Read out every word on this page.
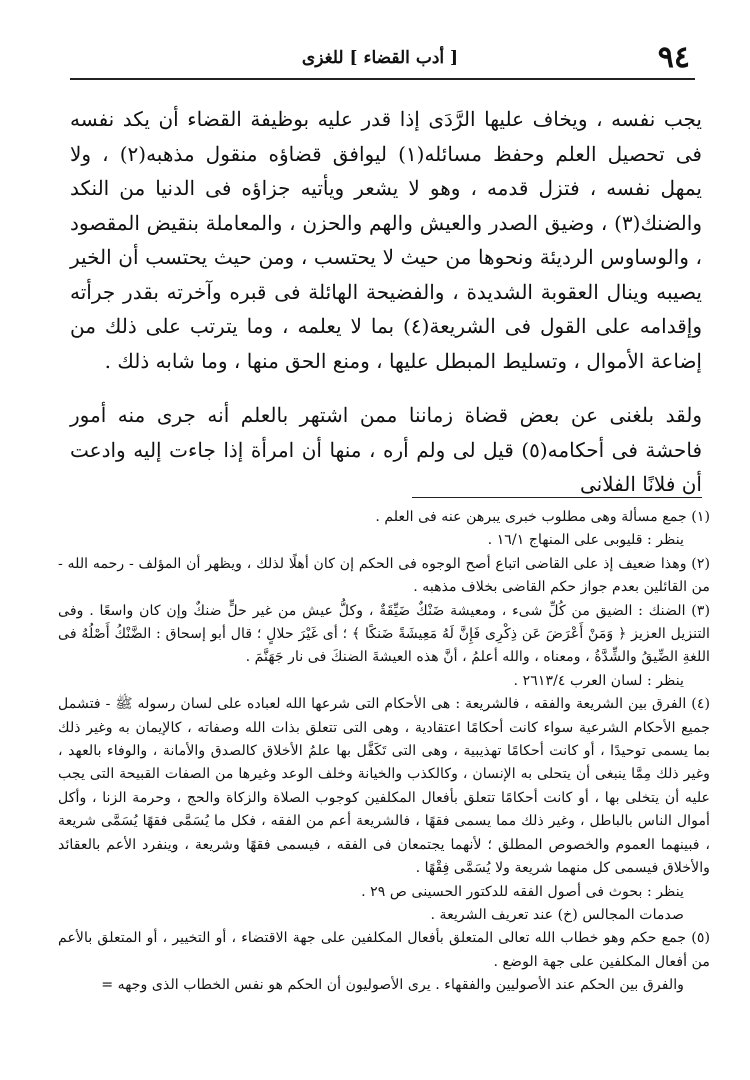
٩٤
[ أدب القضاء ] للغزى

يجب نفسه ، ويخاف عليها الرَّدَى إذا قدر عليه بوظيفة القضاء أن يكد نفسه فى تحصيل العلم وحفظ مسائله(١) ليوافق قضاؤه منقول مذهبه(٢) ، ولا يمهل نفسه ، فتزل قدمه ، وهو لا يشعر ويأتيه جزاؤه فى الدنيا من النكد والضنك(٣) ، وضيق الصدر والعيش والهم والحزن ، والمعاملة بنقيض المقصود ، والوساوس الرديئة ونحوها من حيث لا يحتسب ، ومن حيث يحتسب أن الخير يصيبه وينال العقوبة الشديدة ، والفضيحة الهائلة فى قبره وآخرته بقدر جرأته وإقدامه على القول فى الشريعة(٤) بما لا يعلمه ، وما يترتب على ذلك من إضاعة الأموال ، وتسليط المبطل عليها ، ومنع الحق منها ، وما شابه ذلك .

ولقد بلغنى عن بعض قضاة زماننا ممن اشتهر بالعلم أنه جرى منه أمور فاحشة فى أحكامه(٥) قيل لى ولم أره ، منها أن امرأة إذا جاءت إليه وادعت أن فلانًا الفلانى

(١) جمع مسألة وهى مطلوب خبرى يبرهن عنه فى العلم .

ينظر : قليوبى على المنهاج ١٦/١ .

(٢) وهذا ضعيف إذ على القاضى اتباع أصح الوجوه فى الحكم إن كان أهلًا لذلك ، ويظهر أن المؤلف - رحمه الله - من القائلين بعدم جواز حكم القاضى بخلاف مذهبه .

(٣) الضنك : الضيق من كُلِّ شىء ، ومعيشة ضَنْكٌ ضَيِّقَةٌ ، وكلُّ عيش من غير حلٍّ ضنكٌ وإن كان واسعًا . وفى التنزيل العزيز ﴿ وَمَنْ أَعْرَضَ عَن ذِكْرِى فَإِنَّ لَهُ مَعِيشَةً ضَنكًا ﴾ ؛ أى غَيْرَ حلالٍ ؛ قال أبو إسحاق : الضَّنْكُ أَصْلُهُ فى اللغةِ الضِّيقُ والشِّدَّةُ ، ومعناه ، والله أعلمُ ، أنَّ هذه العيشةَ الضنكَ فى نار جَهَنَّمَ .

ينظر : لسان العرب ٢٦١٣/٤ .

(٤) الفرق بين الشريعة والفقه ، فالشريعة : هى الأحكام التى شرعها الله لعباده على لسان رسوله ﷺ - فتشمل جميع الأحكام الشرعية سواء كانت أحكامًا اعتقادية ، وهى التى تتعلق بذات الله وصفاته ، كالإيمان به وغير ذلك بما يسمى توحيدًا ، أو كانت أحكامًا تهذيبية ، وهى التى تَكَفَّل بها علمُ الأخلاق كالصدق والأمانة ، والوفاء بالعهد ، وغير ذلك مِمَّا ينبغى أن يتحلى به الإنسان ، وكالكذب والخيانة وخلف الوعد وغيرها من الصفات القبيحة التى يجب عليه أن يتخلى بها ، أو كانت أحكامًا تتعلق بأفعال المكلفين كوجوب الصلاة والزكاة والحج ، وحرمة الزنا ، وأكل أموال الناس بالباطل ، وغير ذلك مما يسمى فقهًا ، فالشريعة أعم من الفقه ، فكل ما يُسَمَّى فقهًا يُسَمَّى شريعة ، فبينهما العموم والخصوص المطلق ؛ لأنهما يجتمعان فى الفقه ، فيسمى فقهًا وشريعة ، وينفرد الأعم بالعقائد والأخلاق فيسمى كل منهما شريعة ولا يُسَمَّى فِقْهًا .

ينظر : بحوث فى أصول الفقه للدكتور الحسينى ص ٢٩ .

صدمات المجالس (خ) عند تعريف الشريعة .

(٥) جمع حكم وهو خطاب الله تعالى المتعلق بأفعال المكلفين على جهة الاقتضاء ، أو التخيير ، أو المتعلق بالأعم من أفعال المكلفين على جهة الوضع .

والفرق بين الحكم عند الأصوليين والفقهاء . يرى الأصوليون أن الحكم هو نفس الخطاب الذى وجهه =
